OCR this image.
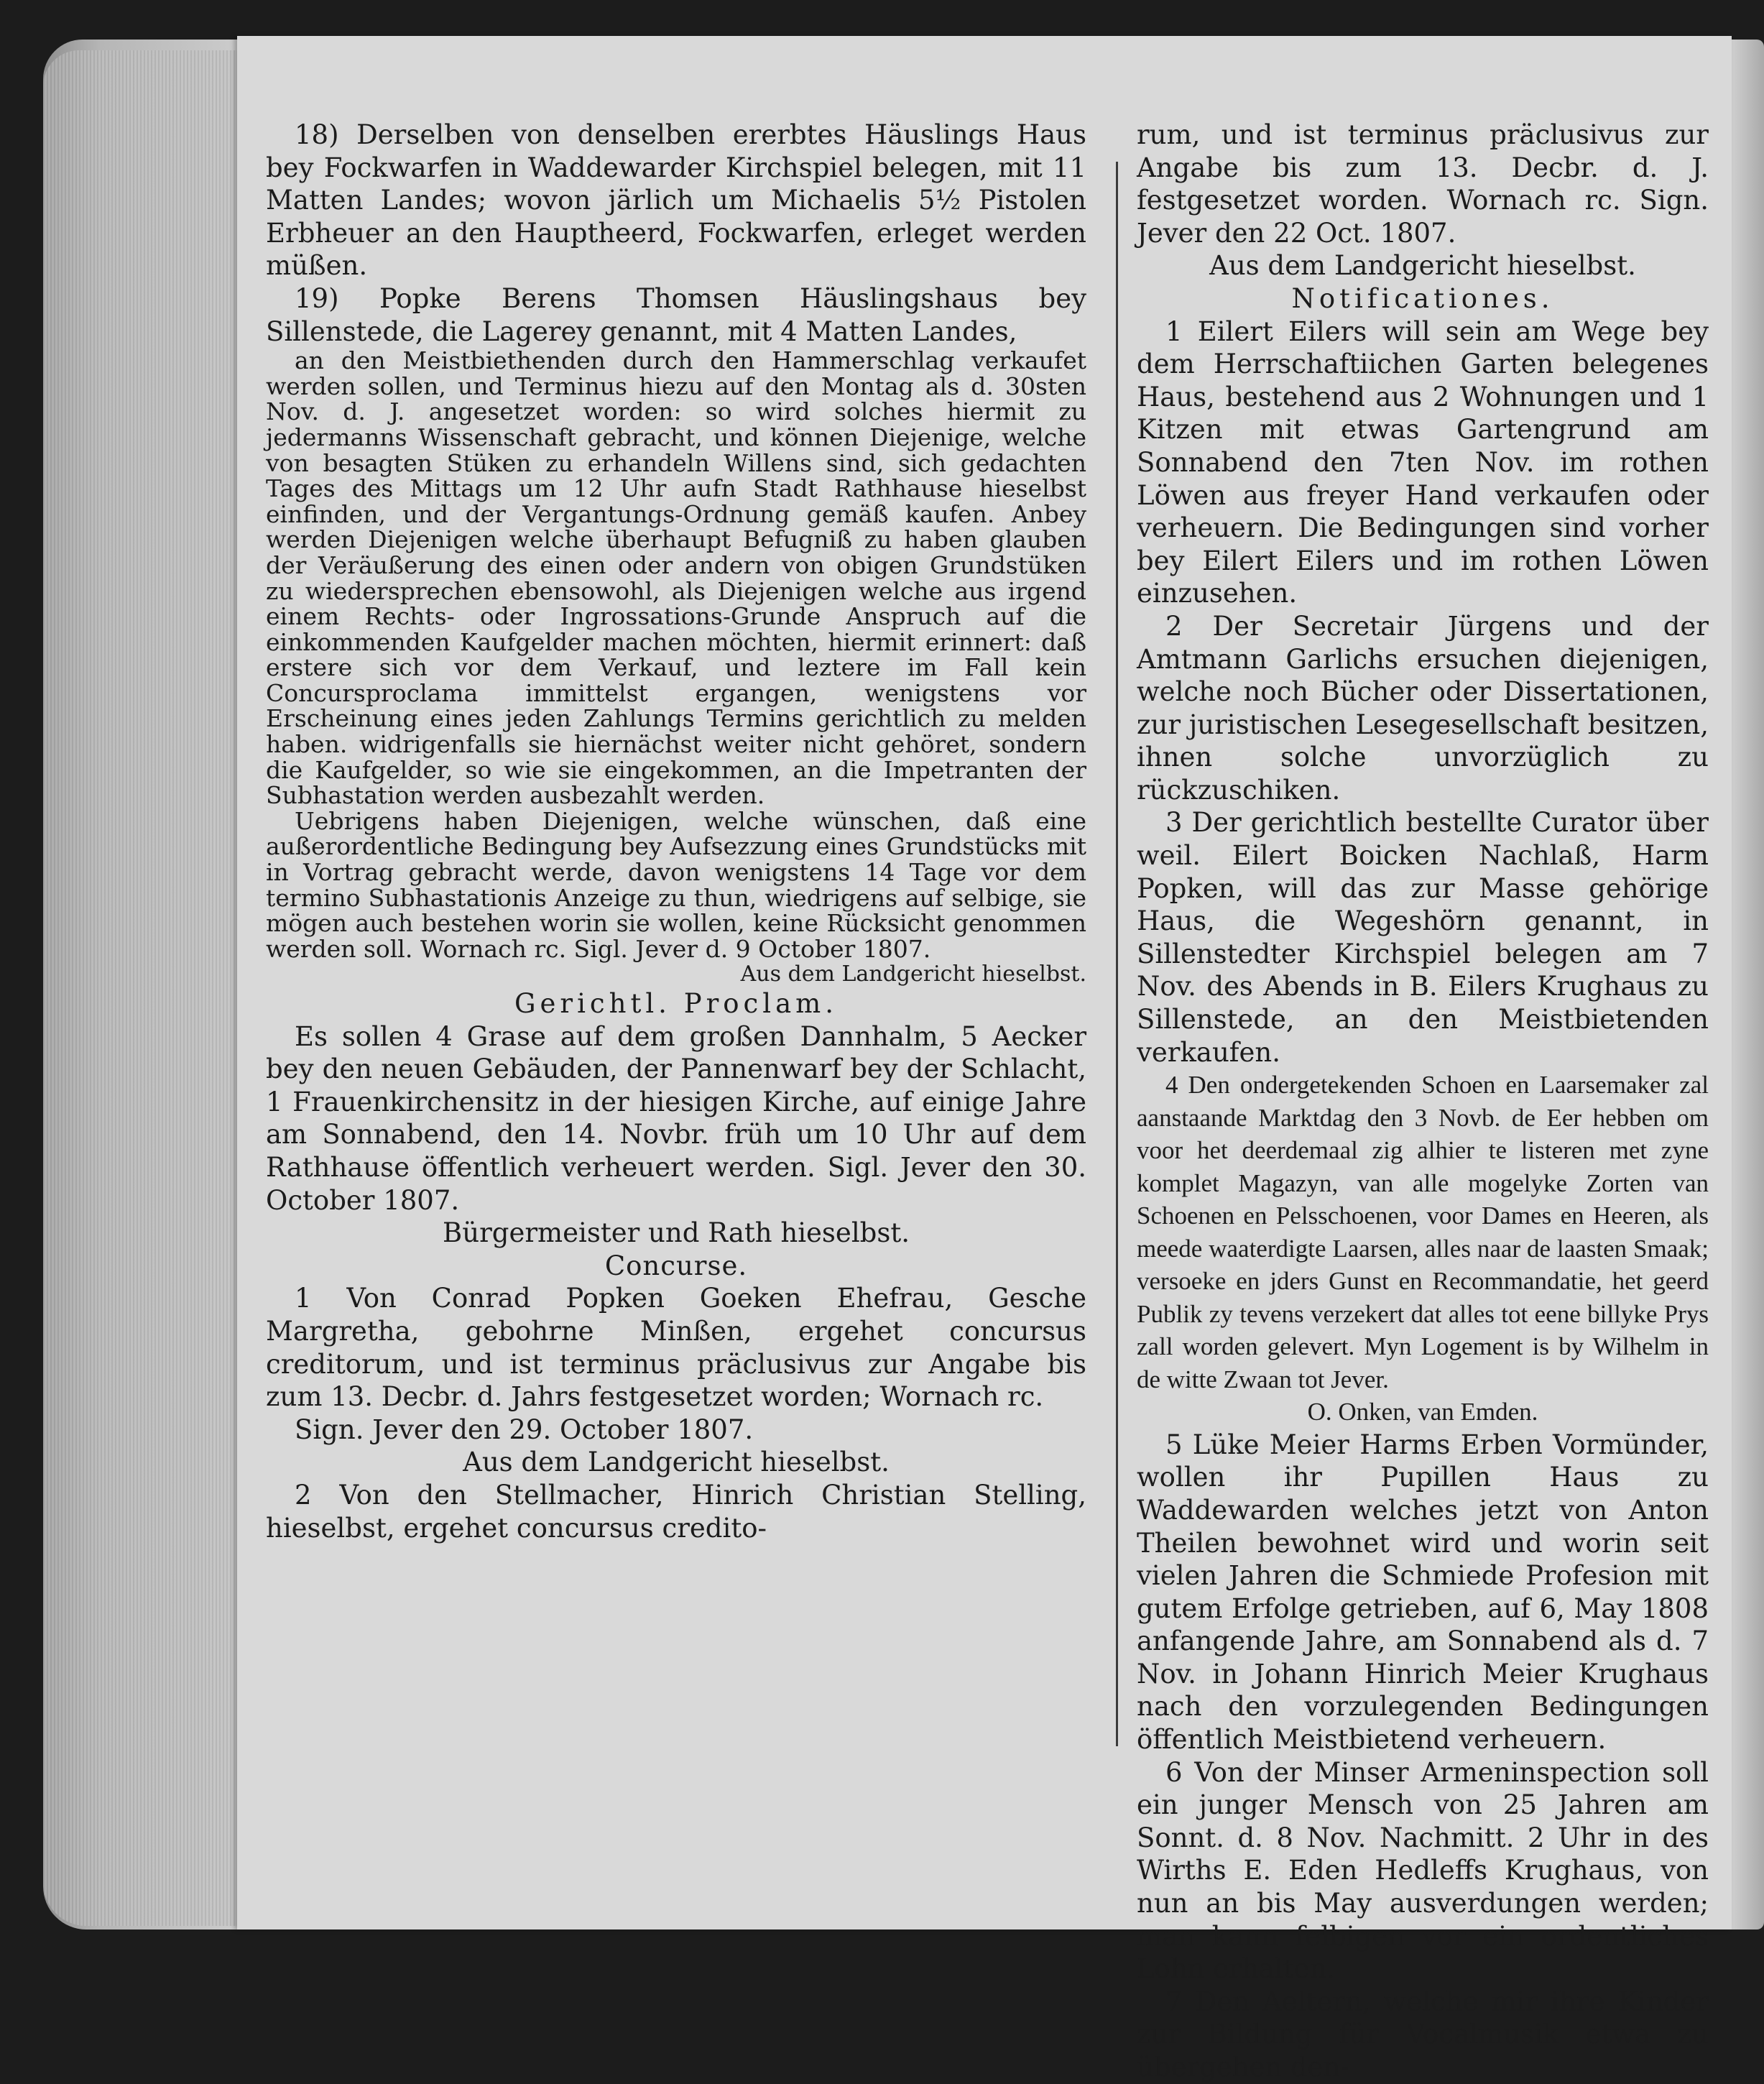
18) Derselben von denselben ererbtes Häuslings Haus bey Fockwarfen in Waddewarder Kirchspiel belegen, mit 11 Matten Landes; wovon järlich um Michaelis 5½ Pistolen Erbheuer an den Hauptheerd, Fockwarfen, erleget werden müßen.

19) Popke Berens Thomsen Häuslingshaus bey Sillenstede, die Lagerey genannt, mit 4 Matten Landes,

an den Meistbiethenden durch den Hammerschlag verkaufet werden sollen, und Terminus hiezu auf den Montag als d. 30sten Nov. d. J. angesetzet worden: so wird solches hiermit zu jedermanns Wissenschaft gebracht, und können Diejenige, welche von besagten Stüken zu erhandeln Willens sind, sich gedachten Tages des Mittags um 12 Uhr aufn Stadt Rathhause hieselbst einfinden, und der Vergantungs-Ordnung gemäß kaufen. Anbey werden Diejenigen welche überhaupt Befugniß zu haben glauben der Veräußerung des einen oder andern von obigen Grundstüken zu wiedersprechen ebensowohl, als Diejenigen welche aus irgend einem Rechts- oder Ingrossations-Grunde Anspruch auf die einkommenden Kaufgelder machen möchten, hiermit erinnert: daß erstere sich vor dem Verkauf, und leztere im Fall kein Concursproclama immittelst ergangen, wenigstens vor Erscheinung eines jeden Zahlungs Termins gerichtlich zu melden haben. widrigenfalls sie hiernächst weiter nicht gehöret, sondern die Kaufgelder, so wie sie eingekommen, an die Impetranten der Subhastation werden ausbezahlt werden.

Uebrigens haben Diejenigen, welche wünschen, daß eine außerordentliche Bedingung bey Aufsezzung eines Grundstücks mit in Vortrag gebracht werde, davon wenigstens 14 Tage vor dem termino Subhastationis Anzeige zu thun, wiedrigens auf selbige, sie mögen auch bestehen worin sie wollen, keine Rücksicht genommen werden soll. Wornach rc. Sigl. Jever d. 9 October 1807.

Aus dem Landgericht hieselbst.

Gerichtl. Proclam.

Es sollen 4 Grase auf dem großen Dannhalm, 5 Aecker bey den neuen Gebäuden, der Pannenwarf bey der Schlacht, 1 Frauenkirchensitz in der hiesigen Kirche, auf einige Jahre am Sonnabend, den 14. Novbr. früh um 10 Uhr auf dem Rathhause öffentlich verheuert werden. Sigl. Jever den 30. October 1807.

Bürgermeister und Rath hieselbst.

Concurse.

1 Von Conrad Popken Goeken Ehefrau, Gesche Margretha, gebohrne Minßen, ergehet concursus creditorum, und ist terminus präclusivus zur Angabe bis zum 13. Decbr. d. Jahrs festgesetzet worden; Wornach rc.

Sign. Jever den 29. October 1807.

Aus dem Landgericht hieselbst.

2 Von den Stellmacher, Hinrich Christian Stelling, hieselbst, ergehet concursus credito-

rum, und ist terminus präclusivus zur Angabe bis zum 13. Decbr. d. J. festgesetzet worden. Wornach rc. Sign. Jever den 22 Oct. 1807.

Aus dem Landgericht hieselbst.

Notificationes.

1 Eilert Eilers will sein am Wege bey dem Herrschaftiichen Garten belegenes Haus, bestehend aus 2 Wohnungen und 1 Kitzen mit etwas Gartengrund am Sonnabend den 7ten Nov. im rothen Löwen aus freyer Hand verkaufen oder verheuern. Die Bedingungen sind vorher bey Eilert Eilers und im rothen Löwen einzusehen.

2 Der Secretair Jürgens und der Amtmann Garlichs ersuchen diejenigen, welche noch Bücher oder Dissertationen, zur juristischen Lesegesellschaft besitzen, ihnen solche unvorzüglich zu rückzuschiken.

3 Der gerichtlich bestellte Curator über weil. Eilert Boicken Nachlaß, Harm Popken, will das zur Masse gehörige Haus, die Wegeshörn genannt, in Sillenstedter Kirchspiel belegen am 7 Nov. des Abends in B. Eilers Krughaus zu Sillenstede, an den Meistbietenden verkaufen.

4 Den ondergetekenden Schoen en Laarsemaker zal aanstaande Marktdag den 3 Novb. de Eer hebben om voor het deerdemaal zig alhier te listeren met zyne komplet Magazyn, van alle mogelyke Zorten van Schoenen en Pelsschoenen, voor Dames en Heeren, als meede waaterdigte Laarsen, alles naar de laasten Smaak; versoeke en jders Gunst en Recommandatie, het geerd Publik zy tevens verzekert dat alles tot eene billyke Prys zall worden gelevert. Myn Logement is by Wilhelm in de witte Zwaan tot Jever.

O. Onken, van Emden.

5 Lüke Meier Harms Erben Vormünder, wollen ihr Pupillen Haus zu Waddewarden welches jetzt von Anton Theilen bewohnet wird und worin seit vielen Jahren die Schmiede Profesion mit gutem Erfolge getrieben, auf 6, May 1808 anfangende Jahre, am Sonnabend als d. 7 Nov. in Johann Hinrich Meier Krughaus nach den vorzulegenden Bedingungen öffentlich Meistbietend verheuern.

6 Von der Minser Armeninspection soll ein junger Mensch von 25 Jahren am Sonnt. d. 8 Nov. Nachmitt. 2 Uhr in des Wirths E. Eden Hedleffs Krughaus, von nun an bis May ausverdungen werden; man kann ſelbigen vor ein ordentliches Lohn erhalten.

7 Den Aeltern, welche mir ihre Kinder zur Bildung für Vocalmusik etwa zu übergehen den-
